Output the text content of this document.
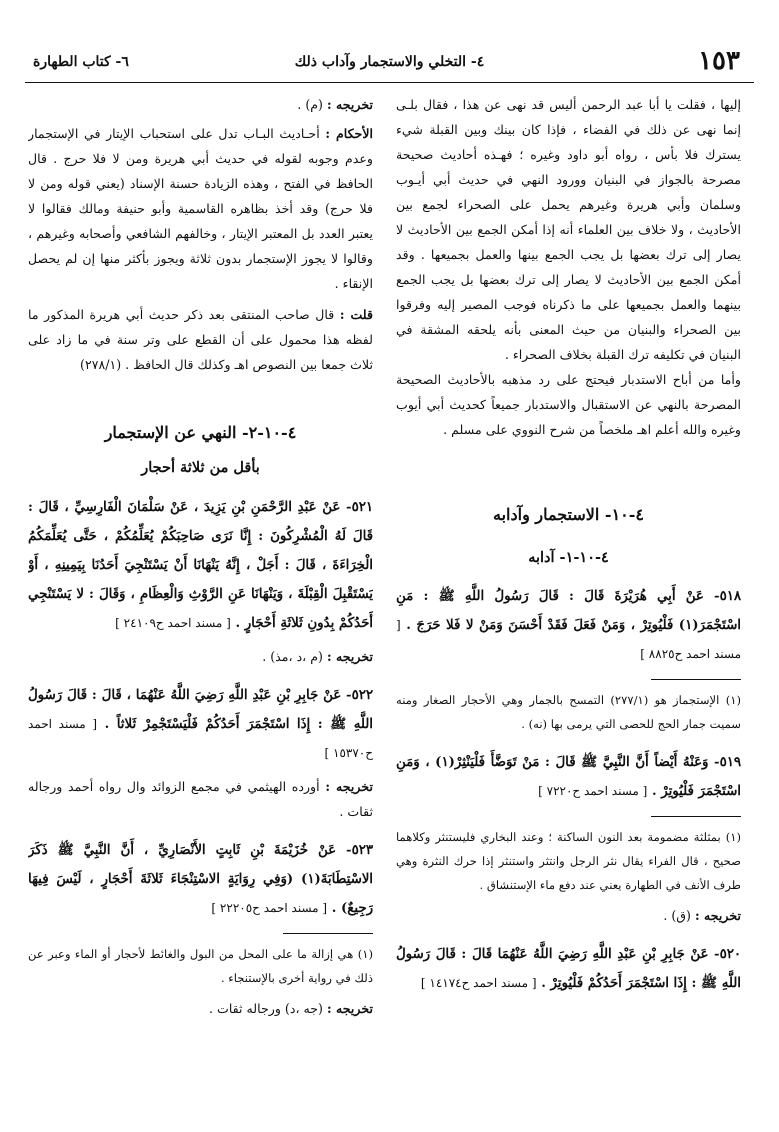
١٥٣
٤- التخلي والاستجمار وآداب ذلك
٦- كتاب الطهارة

إليها ، فقلت يا أبا عبد الرحمن أليس قد نهى عن هذا ، فقال بلـى إنما نهى عن ذلك في الفضاء ، فإذا كان بينك وبين القبلة شيء يسترك فلا بأس ، رواه أبو داود وغيره ؛ فهـذه أحاديث صحيحة مصرحة بالجواز في البنيان وورود النهي في حديث أبي أيـوب وسلمان وأبي هريرة وغيرهم يحمل على الصحراء لجمع بين الأحاديث ، ولا خلاف بين العلماء أنه إذا أمكن الجمع بين الأحاديث لا يصار إلى ترك بعضها بل يجب الجمع بينها والعمل بجميعها . وقد أمكن الجمع بين الأحاديث لا يصار إلى ترك بعضها بل يجب الجمع بينهما والعمل بجميعها على ما ذكرناه فوجب المصير إليه وفرقوا بين الصحراء والبنيان من حيث المعنى بأنه يلحقه المشقة في البنيان في تكليفه ترك القبلة بخلاف الصحراء .

وأما من أباح الاستدبار فيحتج على رد مذهبه بالأحاديث الصحيحة المصرحة بالنهي عن الاستقبال والاستدبار جميعاً كحديث أبي أيوب وغيره والله أعلم اهـ ملخصاً من شرح النووي على مسلم .

٤-١٠- الاستجمار وآدابه
٤-١٠-١- آدابه

٥١٨- عَنْ أَبِي هُرَيْرَةَ قَالَ : قَالَ رَسُولُ اللَّهِ ﷺ : مَنِ اسْتَجْمَرَ(١) فَلْيُوتِرْ ، وَمَنْ فَعَلَ فَقَدْ أَحْسَنَ وَمَنْ لا فَلا حَرَجَ . [ مسند احمد ح٨٨٢٥ ]

(١) الإستجماز هو (٢٧٧/١) التمسح بالجمار وهي الأحجار الصغار ومنه سميت جمار الحج للحصى التي يرمى بها (نه) .

٥١٩- وَعَنْهُ أَيْضاً أَنَّ النَّبِيَّ ﷺ قَالَ : مَنْ تَوَضَّأَ فَلْيَنْثِرْ(١) ، وَمَنِ اسْتَجْمَرَ فَلْيُوتِرْ . [ مسند احمد ح٧٢٢٠ ]

(١) بمثلثة مضمومة بعد النون الساكنة ؛ وعند البخاري فليستنثر وكلاهما صحيح ، قال الفراء يقال نثر الرجل وانتثر واستنثر إذا حرك النثرة وهي طرف الأنف في الطهارة يعني عند دفع ماء الإستنشاق .

تخريجه : (ق) .

٥٢٠- عَنْ جَابِرِ بْنِ عَبْدِ اللَّهِ رَضِيَ اللَّهُ عَنْهُمَا قَالَ : قَالَ رَسُولُ اللَّهِ ﷺ : إِذَا اسْتَجْمَرَ أَحَدُكُمْ فَلْيُوتِرْ . [ مسند احمد ح١٤١٧٤ ]

تخريجه : (م) .

الأحكام : أحـاديث البـاب تدل على استحباب الإيتار في الإستجمار وعدم وجوبه لقوله في حديث أبي هريرة ومن لا فلا حرج . قال الحافظ في الفتح ، وهذه الزيادة حسنة الإسناد (يعني قوله ومن لا فلا حرج) وقد أخذ بظاهره القاسمية وأبو حنيفة ومالك فقالوا لا يعتبر العدد بل المعتبر الإيتار ، وخالفهم الشافعي وأصحابه وغيرهم ، وقالوا لا يجوز الإستجمار بدون ثلاثة ويجوز بأكثر منها إن لم يحصل الإنقاء .

قلت : قال صاحب المنتقى بعد ذكر حديث أبي هريرة المذكور ما لفظه هذا محمول على أن القطع على وتر سنة في ما زاد على ثلاث جمعا بين النصوص اهـ وكذلك قال الحافظ . (٢٧٨/١)

٤-١٠-٢- النهي عن الإستجمار
بأقل من ثلاثة أحجار

٥٢١- عَنْ عَبْدِ الرَّحْمَنِ بْنِ يَزِيدَ ، عَنْ سَلْمَانَ الْفَارِسِيِّ ، قَالَ : قَالَ لَهُ الْمُشْرِكُونَ : إِنَّا نَرَى صَاحِبَكُمْ يُعَلِّمُكُمْ ، حَتَّى يُعَلِّمَكُمُ الْخِرَاءَةَ ، قَالَ : أَجَلْ ، إِنَّهُ يَنْهَانَا أَنْ يَسْتَنْجِيَ أَحَدُنَا بِيَمِينِهِ ، أَوْ يَسْتَقْبِلَ الْقِبْلَةَ ، وَيَنْهَانَا عَنِ الرَّوْثِ وَالْعِظَامِ ، وَقَالَ : لا يَسْتَنْجِي أَحَدُكُمْ بِدُونِ ثَلاثَةِ أَحْجَارٍ . [ مسند احمد ح٢٤١٠٩ ]

تخريجه : (م ،د ،مذ) .

٥٢٢- عَنْ جَابِرِ بْنِ عَبْدِ اللَّهِ رَضِيَ اللَّهُ عَنْهُمَا ، قَالَ : قَالَ رَسُولُ اللَّهِ ﷺ : إِذَا اسْتَجْمَرَ أَحَدُكُمْ فَلْيَسْتَجْمِرْ ثَلاثاً . [ مسند احمد ح١٥٣٧٠ ]

تخريجه : أورده الهيثمي في مجمع الزوائد وال رواه أحمد ورجاله ثقات .

٥٢٣- عَنْ خُزَيْمَةَ بْنِ ثَابِتٍ الأَنْصَارِيِّ ، أَنَّ النَّبِيَّ ﷺ ذَكَرَ الاسْتِطَابَةَ(١) (وَفِي رِوَايَةٍ الاسْتِنْجَاءَ ثَلاثَةَ أَحْجَارٍ ، لَيْسَ فِيهَا رَجِيعٌ) . [ مسند احمد ح٢٢٢٠٥ ]

(١) هي إزالة ما على المحل من البول والغائط لأحجار أو الماء وعبر عن ذلك في رواية أخرى بالإستنجاء .

تخريجه : (جه ،د) ورجاله ثقات .
